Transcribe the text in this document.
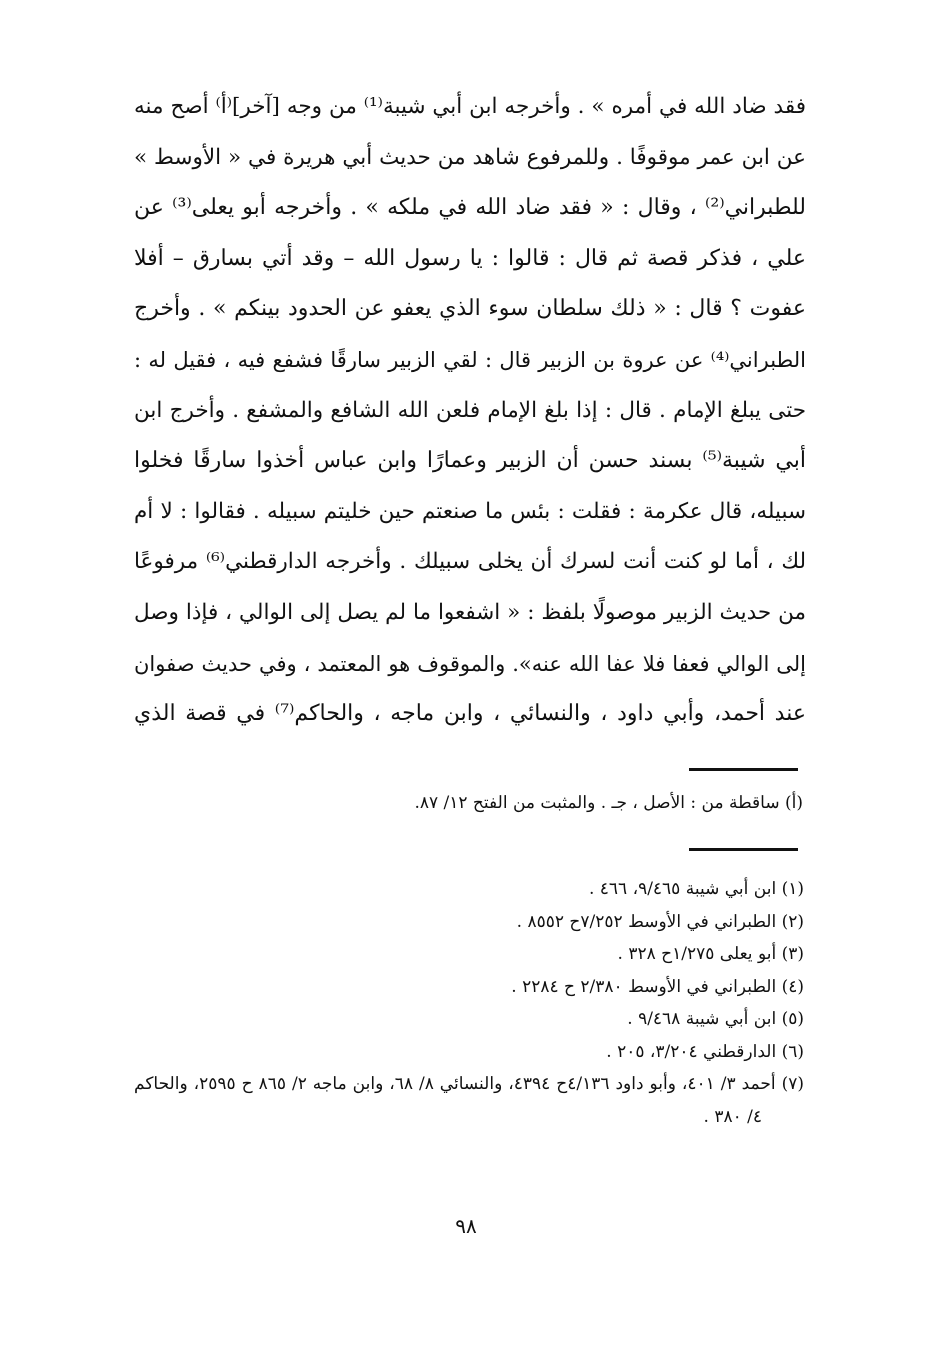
فقد ضاد الله في أمره » . وأخرجه ابن أبي شيبة⁽¹⁾ من وجه [آخر]⁽أ⁾ أصح منه
عن ابن عمر موقوفًا . وللمرفوع شاهد من حديث أبي هريرة في « الأوسط »
للطبراني⁽²⁾ ، وقال : « فقد ضاد الله في ملكه » . وأخرجه أبو يعلى⁽³⁾ عن
علي ، فذكر قصة ثم قال : قالوا : يا رسول الله – وقد أتي بسارق – أفلا
عفوت ؟ قال : « ذلك سلطان سوء الذي يعفو عن الحدود بينكم » . وأخرج
الطبراني⁽⁴⁾ عن عروة بن الزبير قال : لقي الزبير سارقًا فشفع فيه ، فقيل له :
حتى يبلغ الإمام . قال : إذا بلغ الإمام فلعن الله الشافع والمشفع . وأخرج ابن
أبي شيبة⁽⁵⁾ بسند حسن أن الزبير وعمارًا وابن عباس أخذوا سارقًا فخلوا
سبيله، قال عكرمة : فقلت : بئس ما صنعتم حين خليتم سبيله . فقالوا : لا أم
لك ، أما لو كنت أنت لسرك أن يخلى سبيلك . وأخرجه الدارقطني⁽⁶⁾ مرفوعًا
من حديث الزبير موصولًا بلفظ : « اشفعوا ما لم يصل إلى الوالي ، فإذا وصل
إلى الوالي فعفا فلا عفا الله عنه». والموقوف هو المعتمد ، وفي حديث صفوان
عند أحمد، وأبي داود ، والنسائي ، وابن ماجه ، والحاكم⁽⁷⁾ في قصة الذي
(أ) ساقطة من : الأصل ، جـ . والمثبت من الفتح ١٢/ ٨٧.
(١) ابن أبي شيبة ٩/٤٦٥، ٤٦٦ .
(٢) الطبراني في الأوسط ٧/٢٥٢ح ٨٥٥٢ .
(٣) أبو يعلى ١/٢٧٥ح ٣٢٨ .
(٤) الطبراني في الأوسط ٢/٣٨٠ ح ٢٢٨٤ .
(٥) ابن أبي شيبة ٩/٤٦٨ .
(٦) الدارقطني ٣/٢٠٤، ٢٠٥ .
(٧) أحمد ٣/ ٤٠١، وأبو داود ٤/١٣٦ح ٤٣٩٤، والنسائي ٨/ ٦٨، وابن ماجه ٢/ ٨٦٥ ح ٢٥٩٥، والحاكم ٤/ ٣٨٠ .
٩٨
